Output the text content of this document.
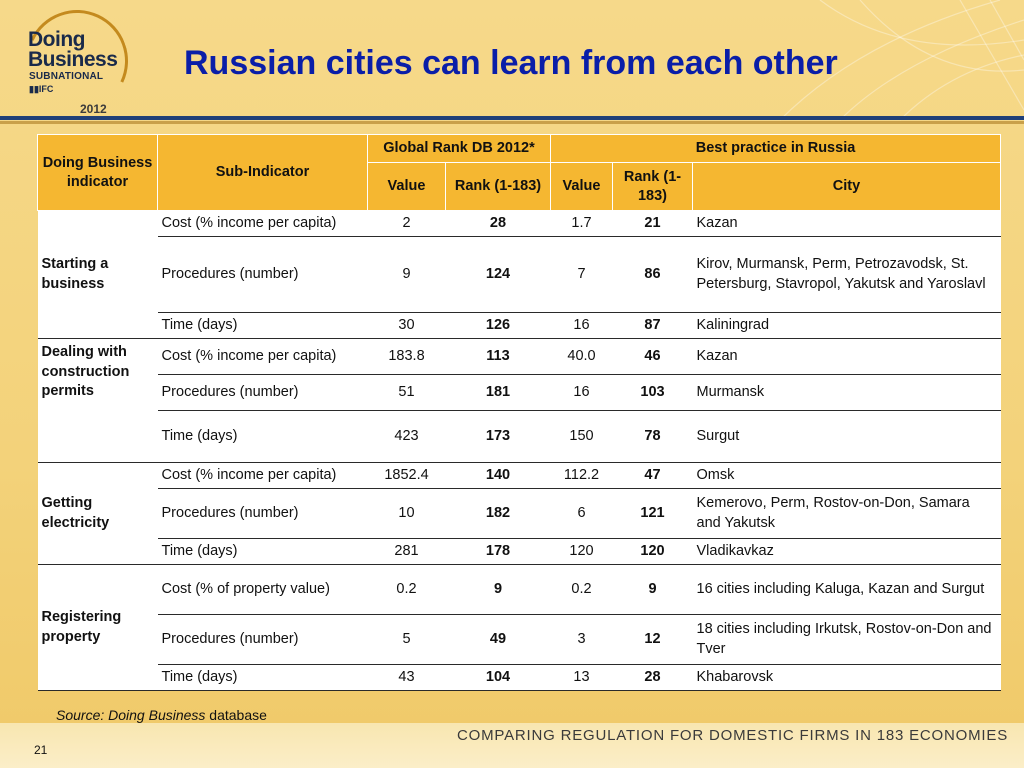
Doing
Business
SUBNATIONAL
▮▮IFC
2012
Russian cities can learn from each other
Doing Business indicator	Sub-Indicator	Global Rank DB 2012*		Best practice in Russia		
		Value	Rank (1-183)	Value	Rank (1-183)	City
Starting a business	Cost (% income per capita)	2	28	1.7	21	Kazan
	Procedures (number)	9	124	7	86	Kirov, Murmansk, Perm, Petrozavodsk, St. Petersburg, Stavropol, Yakutsk and Yaroslavl
	Time (days)	30	126	16	87	Kaliningrad
Dealing with construction permits	Cost (% income per capita)	183.8	113	40.0	46	Kazan
	Procedures (number)	51	181	16	103	Murmansk
	Time (days)	423	173	150	78	Surgut
Getting electricity	Cost (% income per capita)	1852.4	140	112.2	47	Omsk
	Procedures (number)	10	182	6	121	Kemerovo, Perm, Rostov-on-Don, Samara and Yakutsk
	Time (days)	281	178	120	120	Vladikavkaz
Registering property	Cost (% of property value)	0.2	9	0.2	9	16 cities including Kaluga, Kazan and Surgut
	Procedures (number)	5	49	3	12	18 cities including Irkutsk, Rostov-on-Don and Tver
	Time (days)	43	104	13	28	Khabarovsk
Source: Doing Business database
21
COMPARING REGULATION FOR DOMESTIC FIRMS IN 183 ECONOMIES
